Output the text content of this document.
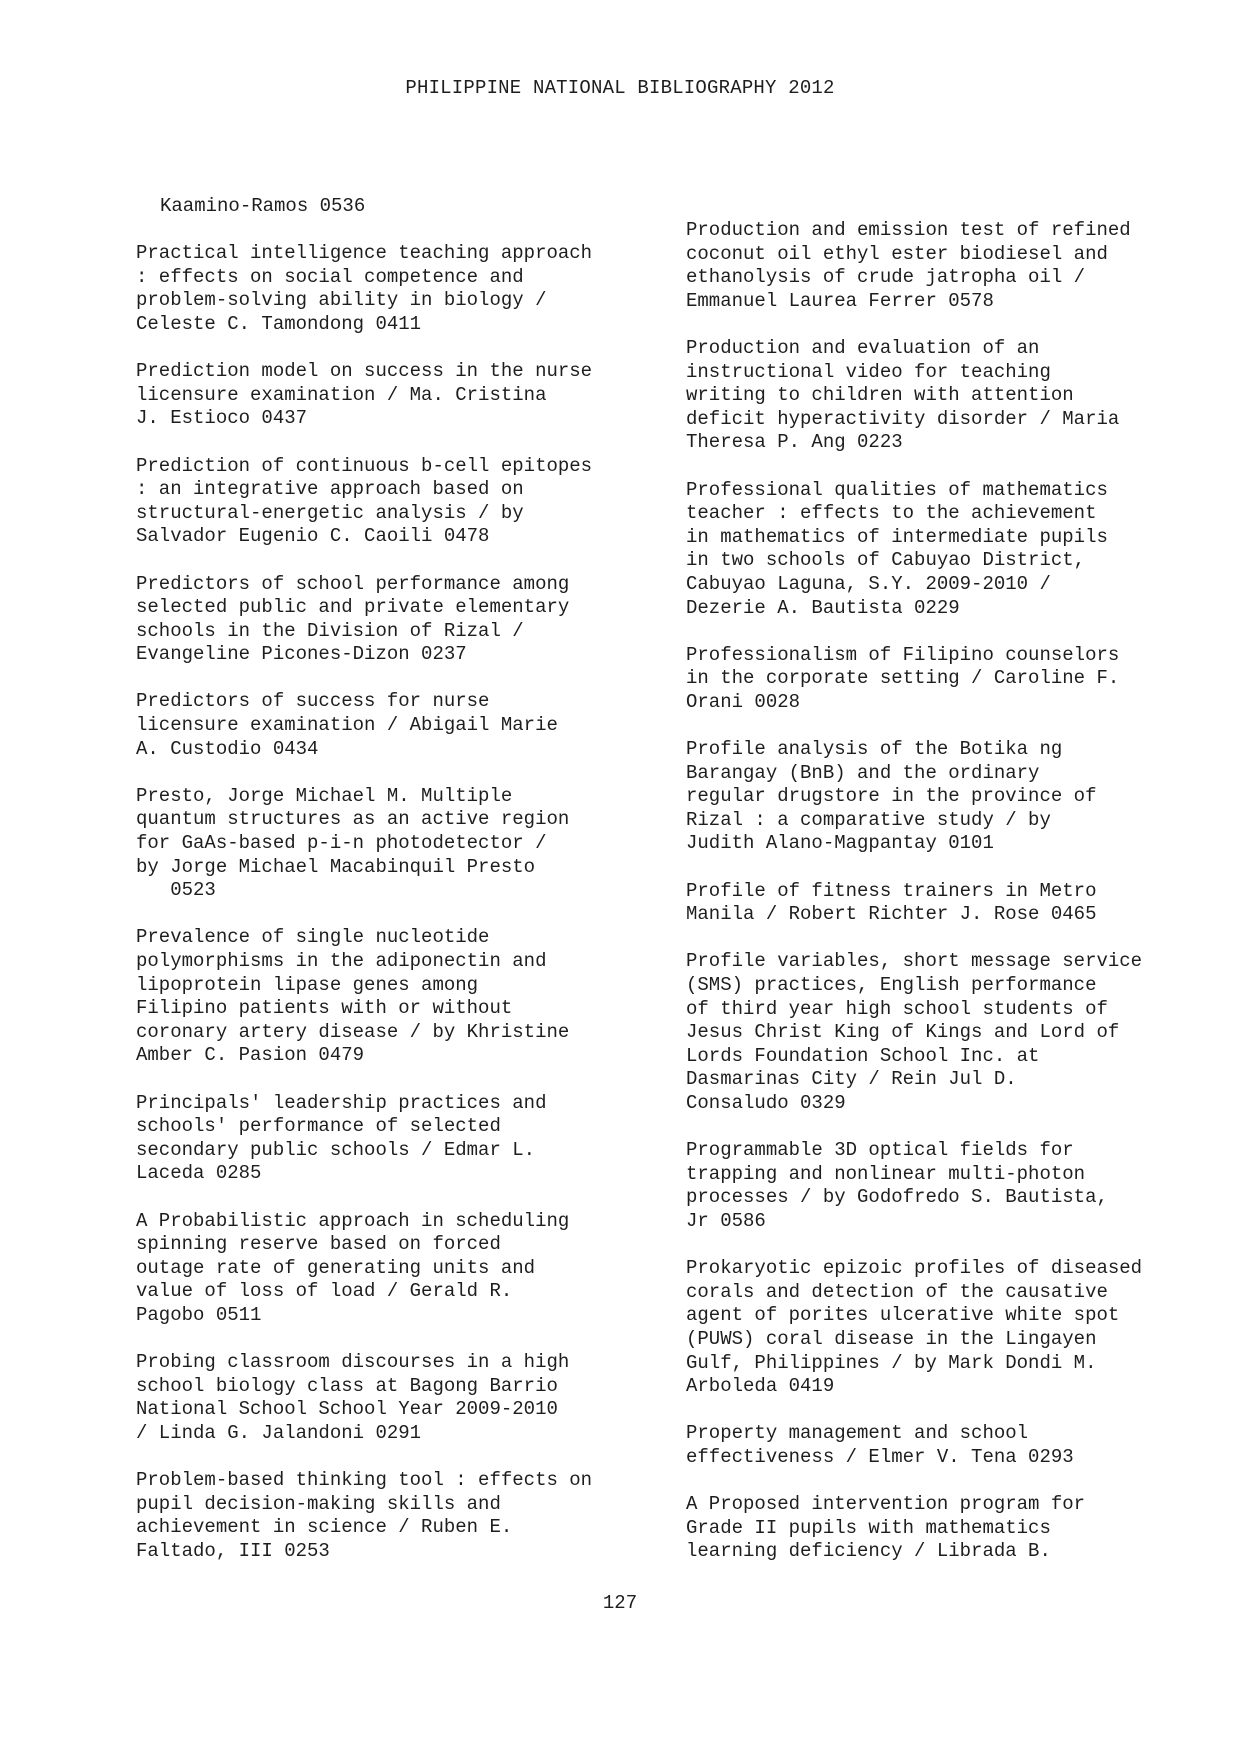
PHILIPPINE NATIONAL BIBLIOGRAPHY 2012
Kaamino-Ramos 0536
Practical intelligence teaching approach
: effects on social competence and
problem-solving ability in biology /
Celeste C. Tamondong 0411
Prediction model on success in the nurse
licensure examination / Ma. Cristina
J. Estioco 0437
Prediction of continuous b-cell epitopes
: an integrative approach based on
structural-energetic analysis / by
Salvador Eugenio C. Caoili 0478
Predictors of school performance among
selected public and private elementary
schools in the Division of Rizal /
Evangeline Picones-Dizon 0237
Predictors of success for nurse
licensure examination / Abigail Marie
A. Custodio 0434
Presto, Jorge Michael M. Multiple
quantum structures as an active region
for GaAs-based p-i-n photodetector /
by Jorge Michael Macabinquil Presto
0523
Prevalence of single nucleotide
polymorphisms in the adiponectin and
lipoprotein lipase genes among
Filipino patients with or without
coronary artery disease / by Khristine
Amber C. Pasion 0479
Principals' leadership practices and
schools' performance of selected
secondary public schools / Edmar L.
Laceda 0285
A Probabilistic approach in scheduling
spinning reserve based on forced
outage rate of generating units and
value of loss of load / Gerald R.
Pagobo 0511
Probing classroom discourses in a high
school biology class at Bagong Barrio
National School School Year 2009-2010
/ Linda G. Jalandoni 0291
Problem-based thinking tool : effects on
pupil decision-making skills and
achievement in science / Ruben E.
Faltado, III 0253
Production and emission test of refined
coconut oil ethyl ester biodiesel and
ethanolysis of crude jatropha oil /
Emmanuel Laurea Ferrer 0578
Production and evaluation of an
instructional video for teaching
writing to children with attention
deficit hyperactivity disorder / Maria
Theresa P. Ang 0223
Professional qualities of mathematics
teacher : effects to the achievement
in mathematics of intermediate pupils
in two schools of Cabuyao District,
Cabuyao Laguna, S.Y. 2009-2010 /
Dezerie A. Bautista 0229
Professionalism of Filipino counselors
in the corporate setting / Caroline F.
Orani 0028
Profile analysis of the Botika ng
Barangay (BnB) and the ordinary
regular drugstore in the province of
Rizal : a comparative study / by
Judith Alano-Magpantay 0101
Profile of fitness trainers in Metro
Manila / Robert Richter J. Rose 0465
Profile variables, short message service
(SMS) practices, English performance
of third year high school students of
Jesus Christ King of Kings and Lord of
Lords Foundation School Inc. at
Dasmarinas City / Rein Jul D.
Consaludo 0329
Programmable 3D optical fields for
trapping and nonlinear multi-photon
processes / by Godofredo S. Bautista,
Jr 0586
Prokaryotic epizoic profiles of diseased
corals and detection of the causative
agent of porites ulcerative white spot
(PUWS) coral disease in the Lingayen
Gulf, Philippines / by Mark Dondi M.
Arboleda 0419
Property management and school
effectiveness / Elmer V. Tena 0293
A Proposed intervention program for
Grade II pupils with mathematics
learning deficiency / Librada B.
127
